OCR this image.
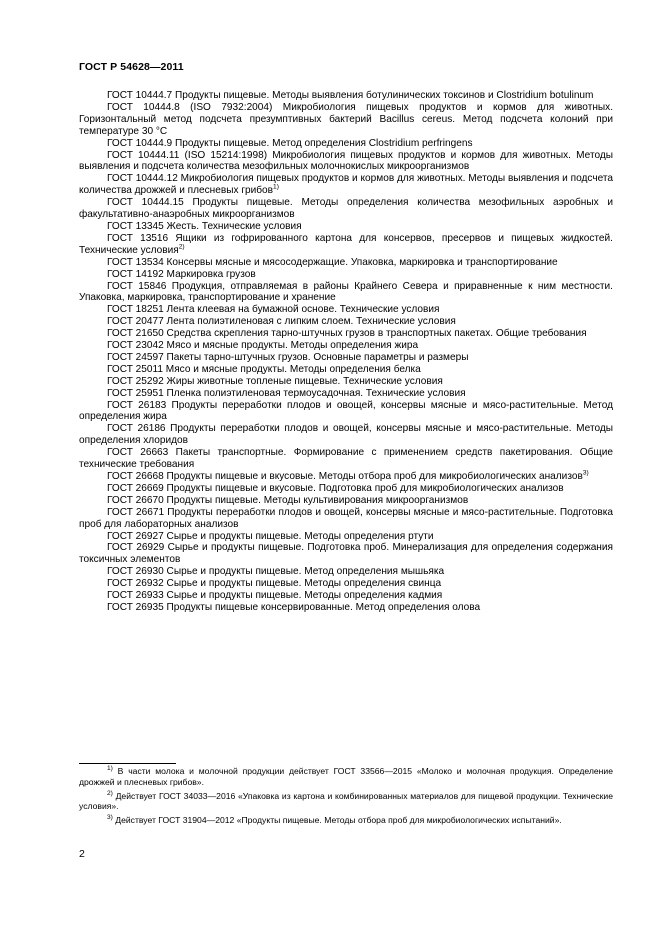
ГОСТ Р 54628—2011

ГОСТ 10444.7 Продукты пищевые. Методы выявления ботулинических токсинов и Clostridium botulinum

ГОСТ 10444.8 (ISO 7932:2004) Микробиология пищевых продуктов и кормов для животных. Горизонтальный метод подсчета презумптивных бактерий Bacillus cereus. Метод подсчета колоний при температуре 30 °C

ГОСТ 10444.9 Продукты пищевые. Метод определения Clostridium perfringens

ГОСТ 10444.11 (ISO 15214:1998) Микробиология пищевых продуктов и кормов для животных. Методы выявления и подсчета количества мезофильных молочнокислых микроорганизмов

ГОСТ 10444.12 Микробиология пищевых продуктов и кормов для животных. Методы выявления и подсчета количества дрожжей и плесневых грибов$^{1)}$

ГОСТ 10444.15 Продукты пищевые. Методы определения количества мезофильных аэробных и факультативно-анаэробных микроорганизмов

ГОСТ 13345 Жесть. Технические условия

ГОСТ 13516 Ящики из гофрированного картона для консервов, пресервов и пищевых жидкостей. Технические условия$^{2)}$

ГОСТ 13534 Консервы мясные и мясосодержащие. Упаковка, маркировка и транспортирование

ГОСТ 14192 Маркировка грузов

ГОСТ 15846 Продукция, отправляемая в районы Крайнего Севера и приравненные к ним местности. Упаковка, маркировка, транспортирование и хранение

ГОСТ 18251 Лента клеевая на бумажной основе. Технические условия

ГОСТ 20477 Лента полиэтиленовая с липким слоем. Технические условия

ГОСТ 21650 Средства скрепления тарно-штучных грузов в транспортных пакетах. Общие требования

ГОСТ 23042 Мясо и мясные продукты. Методы определения жира

ГОСТ 24597 Пакеты тарно-штучных грузов. Основные параметры и размеры

ГОСТ 25011 Мясо и мясные продукты. Методы определения белка

ГОСТ 25292 Жиры животные топленые пищевые. Технические условия

ГОСТ 25951 Пленка полиэтиленовая термоусадочная. Технические условия

ГОСТ 26183 Продукты переработки плодов и овощей, консервы мясные и мясо-растительные. Метод определения жира

ГОСТ 26186 Продукты переработки плодов и овощей, консервы мясные и мясо-растительные. Методы определения хлоридов

ГОСТ 26663 Пакеты транспортные. Формирование с применением средств пакетирования. Общие технические требования

ГОСТ 26668 Продукты пищевые и вкусовые. Методы отбора проб для микробиологических анализов$^{3)}$

ГОСТ 26669 Продукты пищевые и вкусовые. Подготовка проб для микробиологических анализов

ГОСТ 26670 Продукты пищевые. Методы культивирования микроорганизмов

ГОСТ 26671 Продукты переработки плодов и овощей, консервы мясные и мясо-растительные. Подготовка проб для лабораторных анализов

ГОСТ 26927 Сырье и продукты пищевые. Методы определения ртути

ГОСТ 26929 Сырье и продукты пищевые. Подготовка проб. Минерализация для определения содержания токсичных элементов

ГОСТ 26930 Сырье и продукты пищевые. Метод определения мышьяка

ГОСТ 26932 Сырье и продукты пищевые. Методы определения свинца

ГОСТ 26933 Сырье и продукты пищевые. Методы определения кадмия

ГОСТ 26935 Продукты пищевые консервированные. Метод определения олова

$^{1)}$ В части молока и молочной продукции действует ГОСТ 33566—2015 «Молоко и молочная продукция. Определение дрожжей и плесневых грибов».

$^{2)}$ Действует ГОСТ 34033—2016 «Упаковка из картона и комбинированных материалов для пищевой продукции. Технические условия».

$^{3)}$ Действует ГОСТ 31904—2012 «Продукты пищевые. Методы отбора проб для микробиологических испытаний».

2
